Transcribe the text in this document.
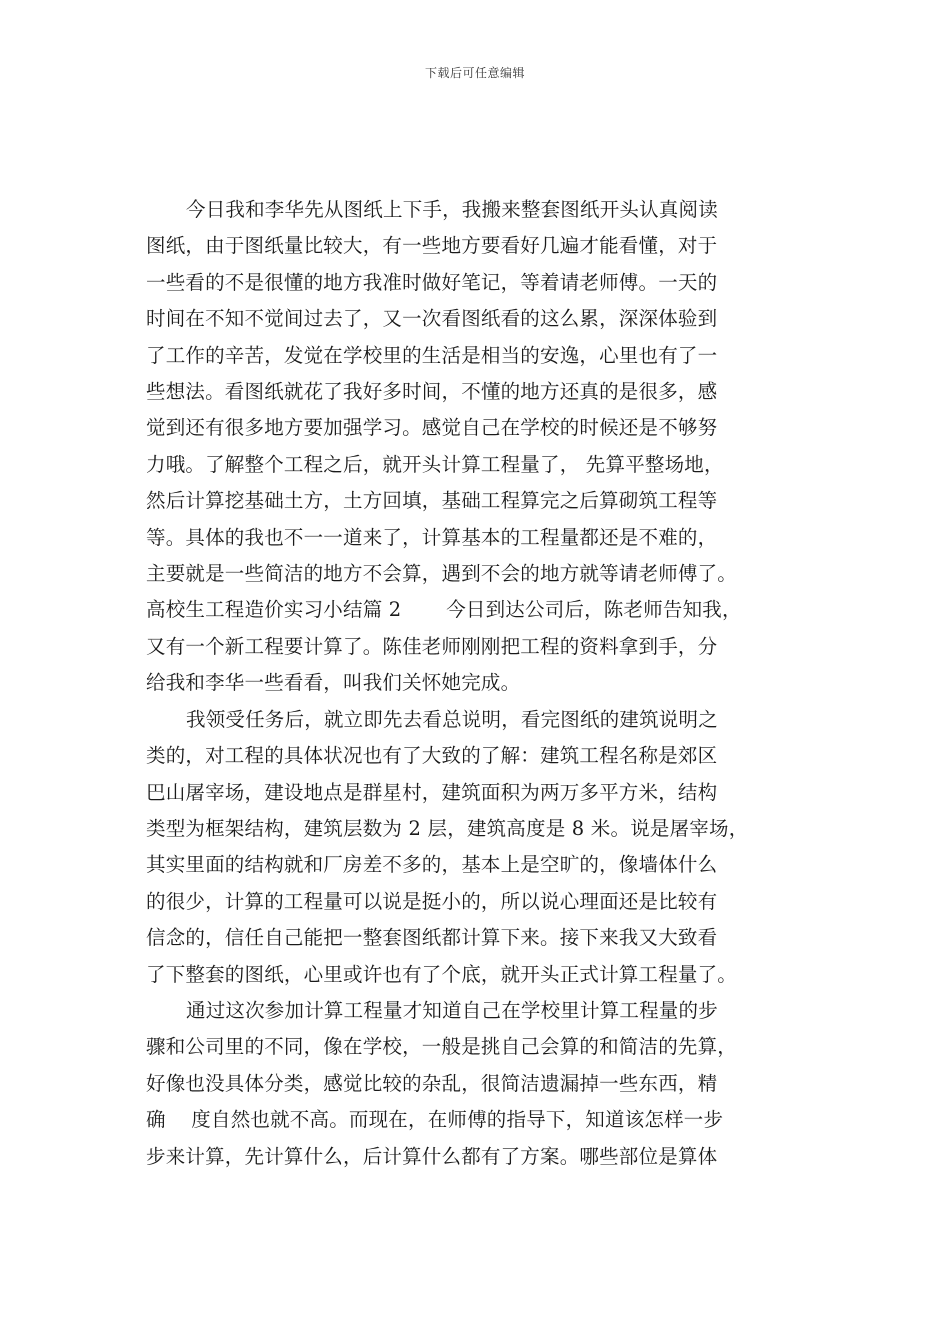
下载后可任意编辑
今日我和李华先从图纸上下手，我搬来整套图纸开头认真阅读
图纸，由于图纸量比较大，有一些地方要看好几遍才能看懂，对于
一些看的不是很懂的地方我准时做好笔记，等着请老师傅。一天的
时间在不知不觉间过去了，又一次看图纸看的这么累，深深体验到
了工作的辛苦，发觉在学校里的生活是相当的安逸，心里也有了一
些想法。看图纸就花了我好多时间，不懂的地方还真的是很多，感
觉到还有很多地方要加强学习。感觉自己在学校的时候还是不够努
力哦。了解整个工程之后，就开头计算工程量了， 先算平整场地，
然后计算挖基础土方，土方回填，基础工程算完之后算砌筑工程等
等。具体的我也不一一道来了，计算基本的工程量都还是不难的，
主要就是一些简洁的地方不会算，遇到不会的地方就等请老师傅了。
高校生工程造价实习小结篇 2       今日到达公司后，陈老师告知我，
又有一个新工程要计算了。陈佳老师刚刚把工程的资料拿到手，分
给我和李华一些看看，叫我们关怀她完成。
我领受任务后，就立即先去看总说明，看完图纸的建筑说明之
类的，对工程的具体状况也有了大致的了解：建筑工程名称是郊区
巴山屠宰场，建设地点是群星村，建筑面积为两万多平方米，结构
类型为框架结构，建筑层数为 2 层，建筑高度是 8 米。说是屠宰场，
其实里面的结构就和厂房差不多的，基本上是空旷的，像墙体什么
的很少，计算的工程量可以说是挺小的，所以说心理面还是比较有
信念的，信任自己能把一整套图纸都计算下来。接下来我又大致看
了下整套的图纸，心里或许也有了个底，就开头正式计算工程量了。
通过这次参加计算工程量才知道自己在学校里计算工程量的步
骤和公司里的不同，像在学校，一般是挑自己会算的和简洁的先算，
好像也没具体分类，感觉比较的杂乱，很简洁遗漏掉一些东西，精
确    度自然也就不高。而现在，在师傅的指导下，知道该怎样一步
步来计算，先计算什么，后计算什么都有了方案。哪些部位是算体
